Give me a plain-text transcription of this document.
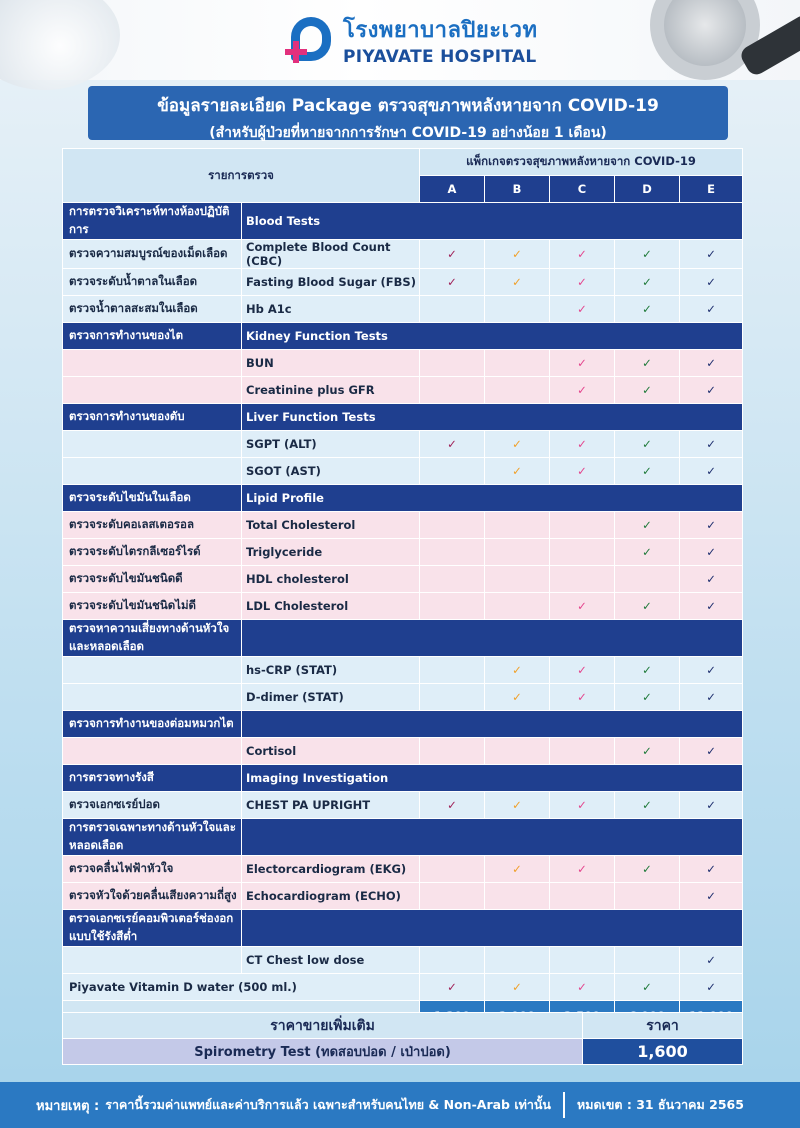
โรงพยาบาลปิยะเวท
PIYAVATE HOSPITAL
ข้อมูลรายละเอียด Package ตรวจสุขภาพหลังหายจาก COVID-19
(สำหรับผู้ป่วยที่หายจากการรักษา COVID-19 อย่างน้อย 1 เดือน)
รายการตรวจ		แพ็กเกจตรวจสุขภาพหลังหายจาก COVID-19				
		A	B	C	D	E
การตรวจวิเคราะห์ทางห้องปฏิบัติการ	Blood Tests					
ตรวจความสมบูรณ์ของเม็ดเลือด	Complete Blood Count (CBC)	✓	✓	✓	✓	✓
ตรวจระดับน้ำตาลในเลือด	Fasting Blood Sugar (FBS)	✓	✓	✓	✓	✓
ตรวจน้ำตาลสะสมในเลือด	Hb A1c			✓	✓	✓
ตรวจการทำงานของไต	Kidney Function Tests					
	BUN			✓	✓	✓
	Creatinine plus GFR			✓	✓	✓
ตรวจการทำงานของตับ	Liver Function Tests					
	SGPT (ALT)	✓	✓	✓	✓	✓
	SGOT (AST)		✓	✓	✓	✓
ตรวจระดับไขมันในเลือด	Lipid Profile					
ตรวจระดับคอเลสเตอรอล	Total Cholesterol				✓	✓
ตรวจระดับไตรกลีเซอร์ไรด์	Triglyceride				✓	✓
ตรวจระดับไขมันชนิดดี	HDL cholesterol					✓
ตรวจระดับไขมันชนิดไม่ดี	LDL Cholesterol			✓	✓	✓
ตรวจหาความเสี่ยงทางด้านหัวใจและหลอดเลือด						
	hs-CRP (STAT)		✓	✓	✓	✓
	D-dimer (STAT)		✓	✓	✓	✓
ตรวจการทำงานของต่อมหมวกไต						
	Cortisol				✓	✓
การตรวจทางรังสี	Imaging Investigation					
ตรวจเอกซเรย์ปอด	CHEST PA UPRIGHT	✓	✓	✓	✓	✓
การตรวจเฉพาะทางด้านหัวใจและหลอดเลือด						
ตรวจคลื่นไฟฟ้าหัวใจ	Electorcardiogram (EKG)		✓	✓	✓	✓
ตรวจหัวใจด้วยคลื่นเสียงความถี่สูง	Echocardiogram (ECHO)					✓
ตรวจเอกซเรย์คอมพิวเตอร์ช่องอกแบบใช้รังสีต่ำ						
	CT Chest low dose					✓
Piyavate Vitamin D water (500 ml.)		✓	✓	✓	✓	✓

ราคาขายเพิ่มเติม	ราคา
Spirometry Test (ทดสอบปอด / เป่าปอด)	1,600
หมายเหตุ : ราคานี้รวมค่าแพทย์และค่าบริการแล้ว เฉพาะสำหรับคนไทย & Non-Arab เท่านั้น หมดเขต : 31 ธันวาคม 2565
